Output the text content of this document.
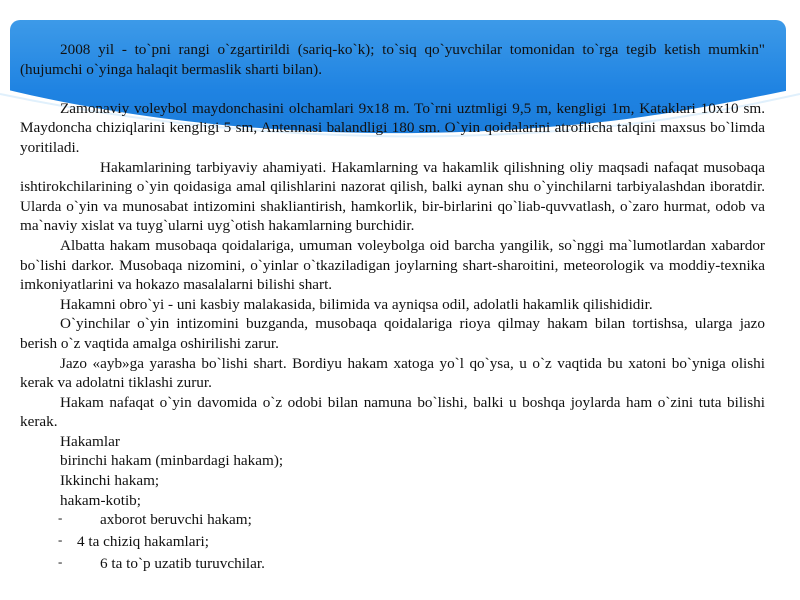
2008 yil - to`pni rangi o`zgartirildi (sariq-ko`k); to`siq qo`yuvchilar tomonidan to`rga tegib ketish mumkin" (hujumchi o`yinga halaqit bermaslik sharti bilan).

Zamonaviy voleybol maydonchasini olchamlari 9x18 m. To`rni uztmligi 9,5 m, kengligi 1m, Kataklari 10x10 sm. Maydoncha chiziqlarini kengligi 5 sm, Antennasi balandligi 180 sm. O`yin qoidalarini atroflicha talqini maxsus bo`limda yoritiladi.

Hakamlarining tarbiyaviy ahamiyati. Hakamlarning va hakamlik qilishning oliy maqsadi nafaqat musobaqa ishtirokchilarining o`yin qoidasiga amal qilishlarini nazorat qilish, balki aynan shu o`yinchilarni tarbiyalashdan iboratdir. Ularda o`yin va munosabat intizomini shakliantirish, hamkorlik, bir-birlarini qo`liab-quvvatlash, o`zaro hurmat, odob va ma`naviy xislat va tuyg`ularni uyg`otish hakamlarning burchidir.

Albatta hakam musobaqa qoidalariga, umuman voleybolga oid barcha yangilik, so`nggi ma`lumotlardan xabardor bo`lishi darkor. Musobaqa nizomini, o`yinlar o`tkaziladigan joylarning shart-sharoitini, meteorologik va moddiy-texnika imkoniyatlarini va hokazo masalalarni bilishi shart.

Hakamni obro`yi - uni kasbiy malakasida, bilimida va ayniqsa odil, adolatli hakamlik qilishididir.

O`yinchilar o`yin intizomini buzganda, musobaqa qoidalariga rioya qilmay hakam bilan tortishsa, ularga jazo berish o`z vaqtida amalga oshirilishi zarur.

Jazo «ayb»ga yarasha bo`lishi shart. Bordiyu hakam xatoga yo`l qo`ysa, u o`z vaqtida bu xatoni bo`yniga olishi kerak va adolatni tiklashi zurur.

Hakam nafaqat o`yin davomida o`z odobi bilan namuna bo`lishi, balki u boshqa joylarda ham o`zini tuta bilishi kerak.

Hakamlar

birinchi hakam (minbardagi hakam);

Ikkinchi hakam;

hakam-kotib;

- axborot beruvchi hakam;
- 4 ta chiziq hakamlari;
- 6 ta to`p uzatib turuvchilar.
